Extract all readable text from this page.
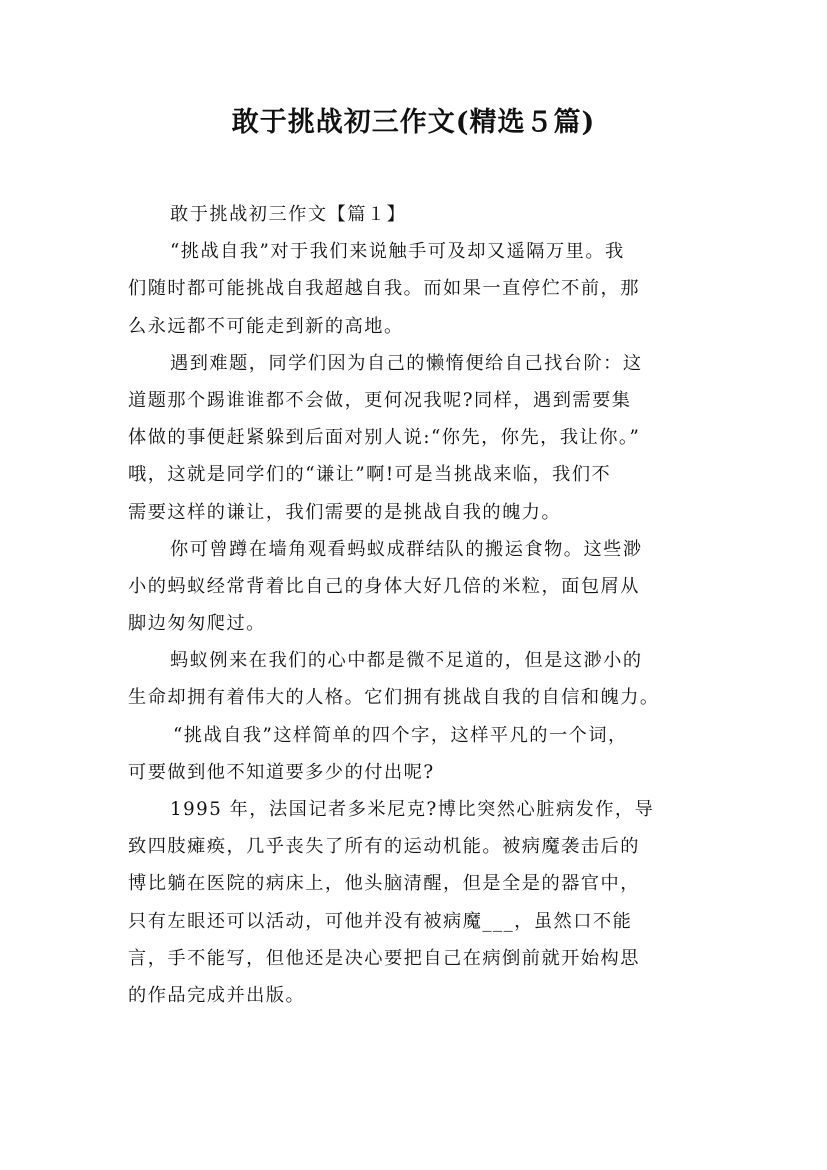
敢于挑战初三作文(精选５篇)
敢于挑战初三作文【篇１】
“挑战自我”对于我们来说触手可及却又遥隔万里。我
们随时都可能挑战自我超越自我。而如果一直停伫不前，那
么永远都不可能走到新的高地。
遇到难题，同学们因为自己的懒惰便给自己找台阶：这
道题那个踢谁谁都不会做，更何况我呢?同样，遇到需要集
体做的事便赶紧躲到后面对别人说:“你先，你先，我让你。”
哦，这就是同学们的“谦让”啊!可是当挑战来临，我们不
需要这样的谦让，我们需要的是挑战自我的魄力。
你可曾蹲在墙角观看蚂蚁成群结队的搬运食物。这些渺
小的蚂蚁经常背着比自己的身体大好几倍的米粒，面包屑从
脚边匆匆爬过。
蚂蚁例来在我们的心中都是微不足道的，但是这渺小的
生命却拥有着伟大的人格。它们拥有挑战自我的自信和魄力。
“挑战自我”这样简单的四个字，这样平凡的一个词，
可要做到他不知道要多少的付出呢?
1995 年，法国记者多米尼克?博比突然心脏病发作，导
致四肢瘫痪，几乎丧失了所有的运动机能。被病魔袭击后的
博比躺在医院的病床上，他头脑清醒，但是全是的器官中，
只有左眼还可以活动，可他并没有被病魔___，虽然口不能
言，手不能写，但他还是决心要把自己在病倒前就开始构思
的作品完成并出版。
